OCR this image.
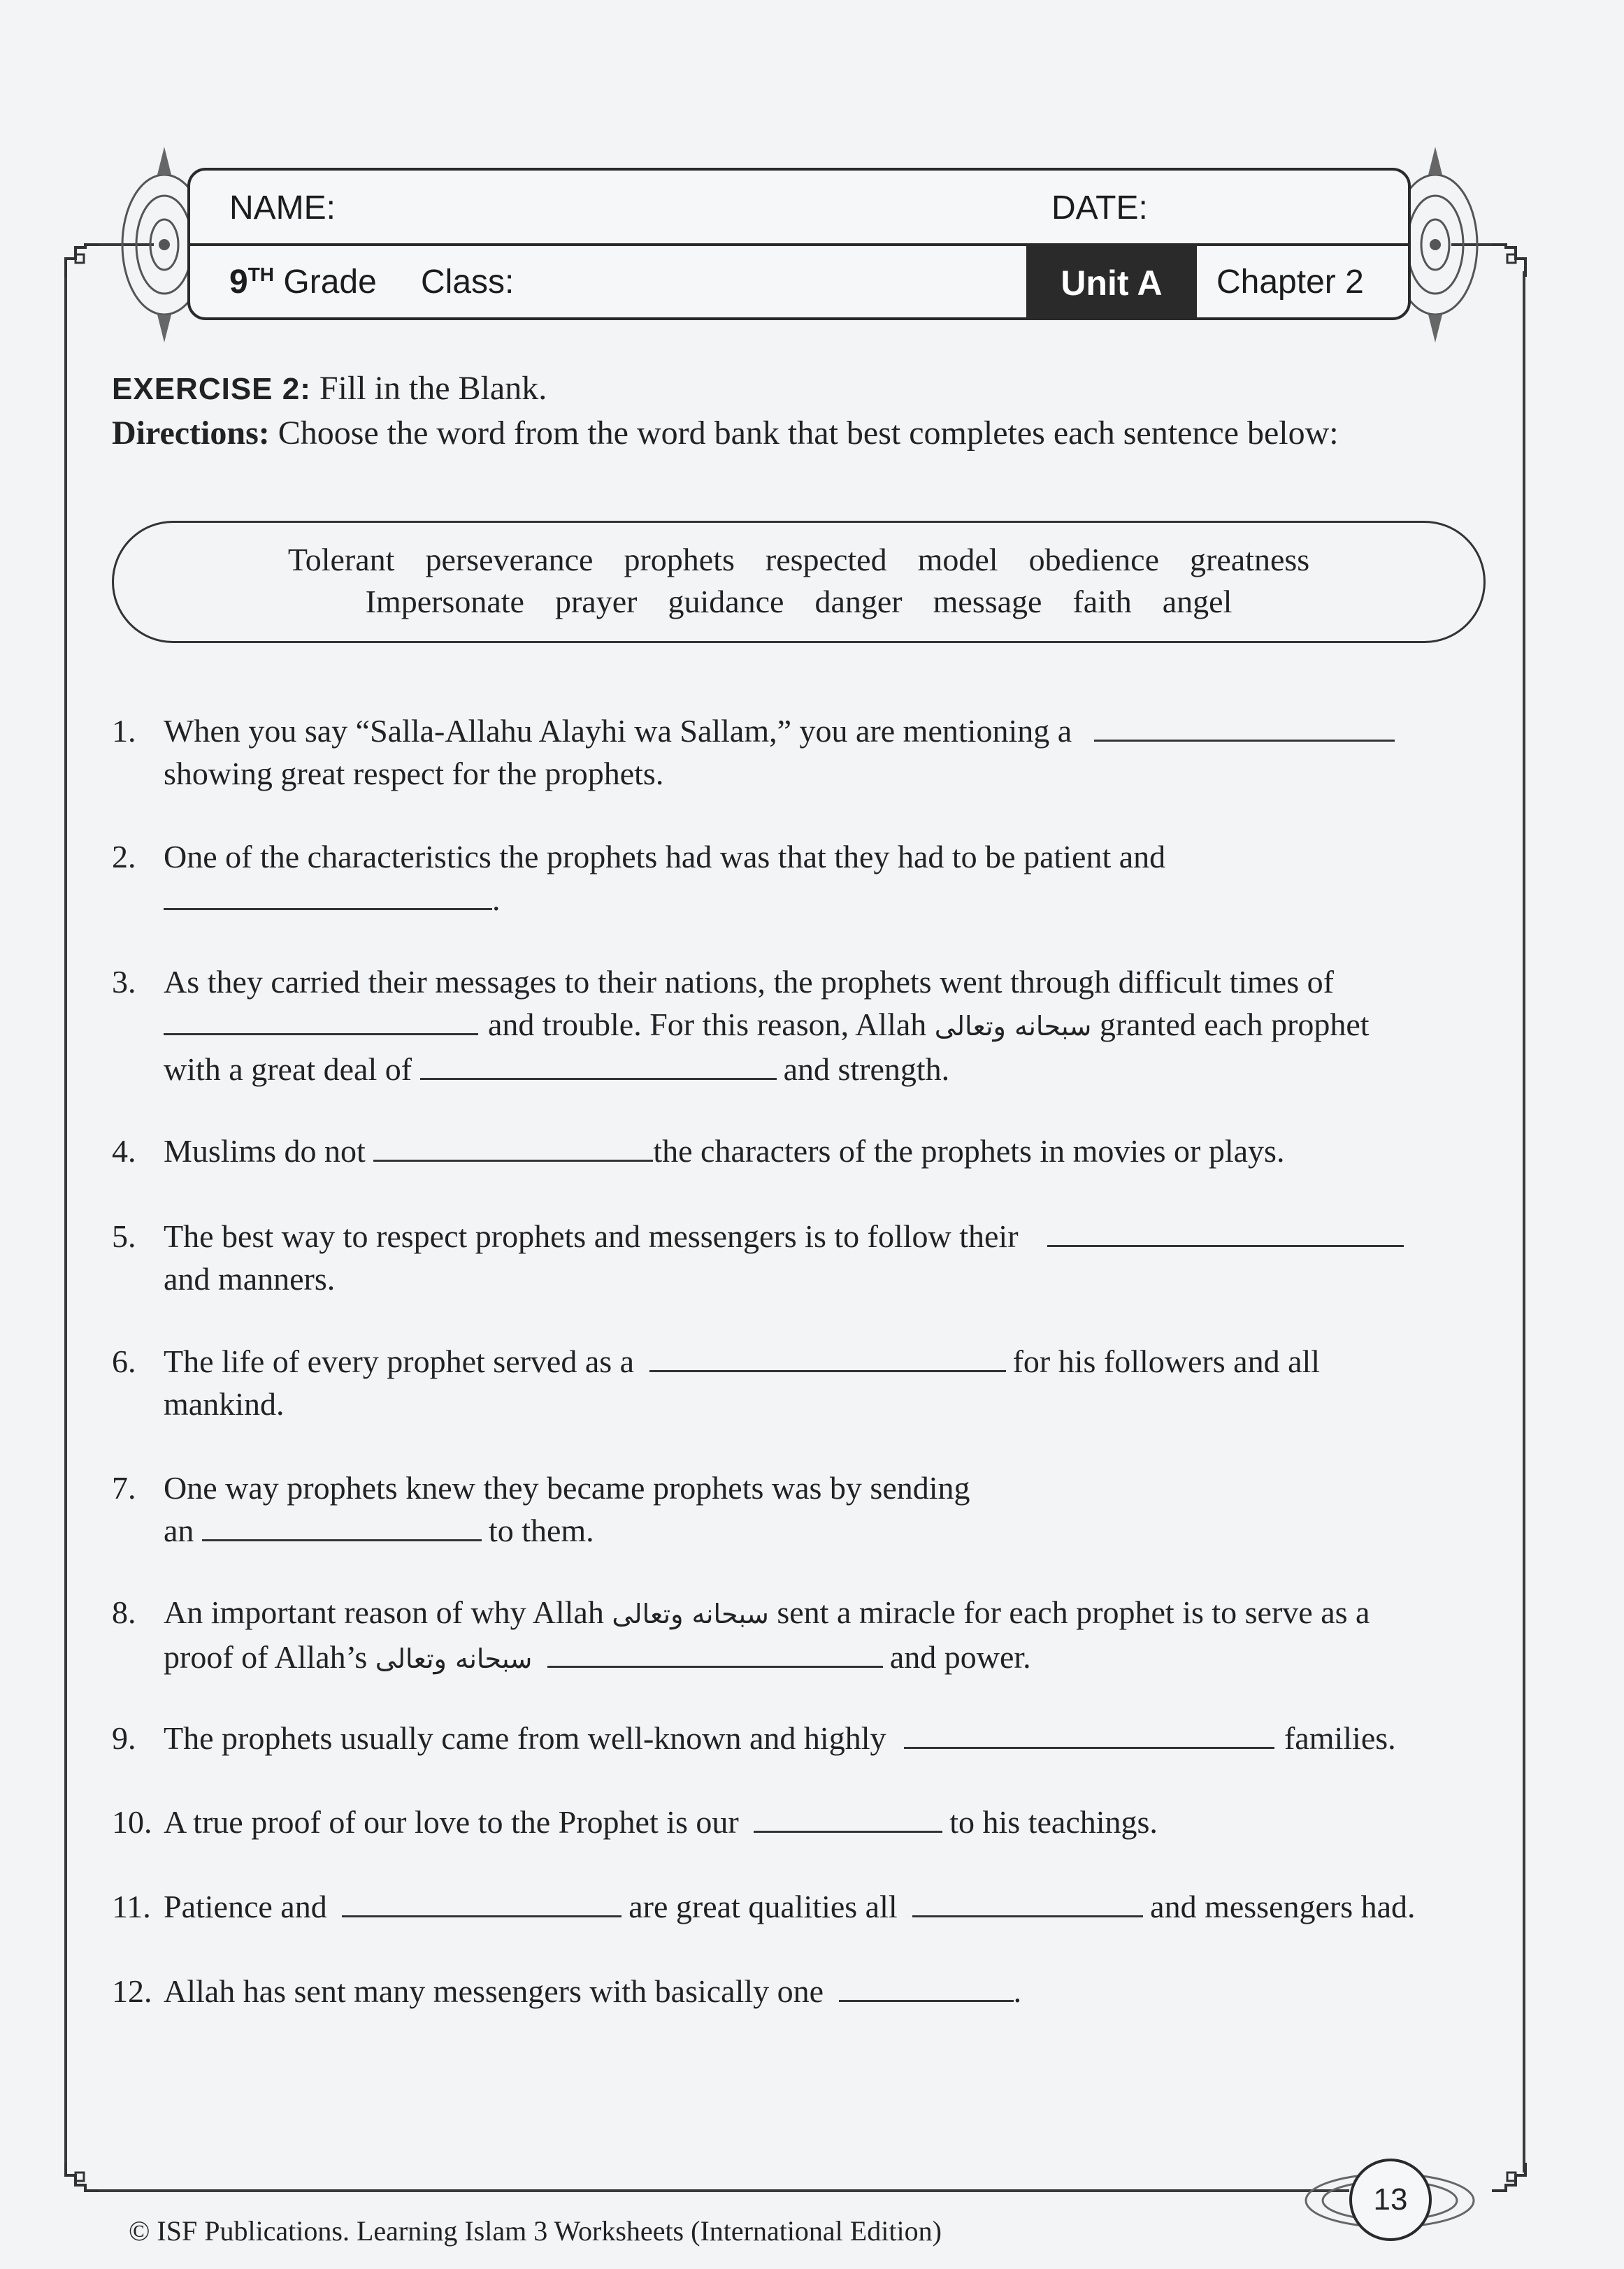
NAME:	DATE:
9TH Grade Class:	Unit A	Chapter 2
EXERCISE 2: Fill in the Blank.
Directions: Choose the word from the word bank that best completes each sentence below:
Tolerant perseverance prophets respected model obedience greatness
Impersonate prayer guidance danger message faith angel
1. When you say “Salla-Allahu Alayhi wa Sallam,” you are mentioning a
showing great respect for the prophets.
2. One of the characteristics the prophets had was that they had to be patient and
.
3. As they carried their messages to their nations, the prophets went through difficult times of
and trouble. For this reason, Allah سبحانه وتعالى granted each prophet
with a great deal of	and strength.
4. Muslims do not	the characters of the prophets in movies or plays.
5. The best way to respect prophets and messengers is to follow their
and manners.
6. The life of every prophet served as a	for his followers and all
mankind.
7. One way prophets knew they became prophets was by sending
an	to them.
8. An important reason of why Allah سبحانه وتعالى sent a miracle for each prophet is to serve as a
proof of Allah’s سبحانه وتعالى	and power.
9. The prophets usually came from well-known and highly	families.
10. A true proof of our love to the Prophet is our	to his teachings.
11. Patience and	are great qualities all	and messengers had.
12. Allah has sent many messengers with basically one	.
13
© ISF Publications. Learning Islam 3 Worksheets (International Edition)
